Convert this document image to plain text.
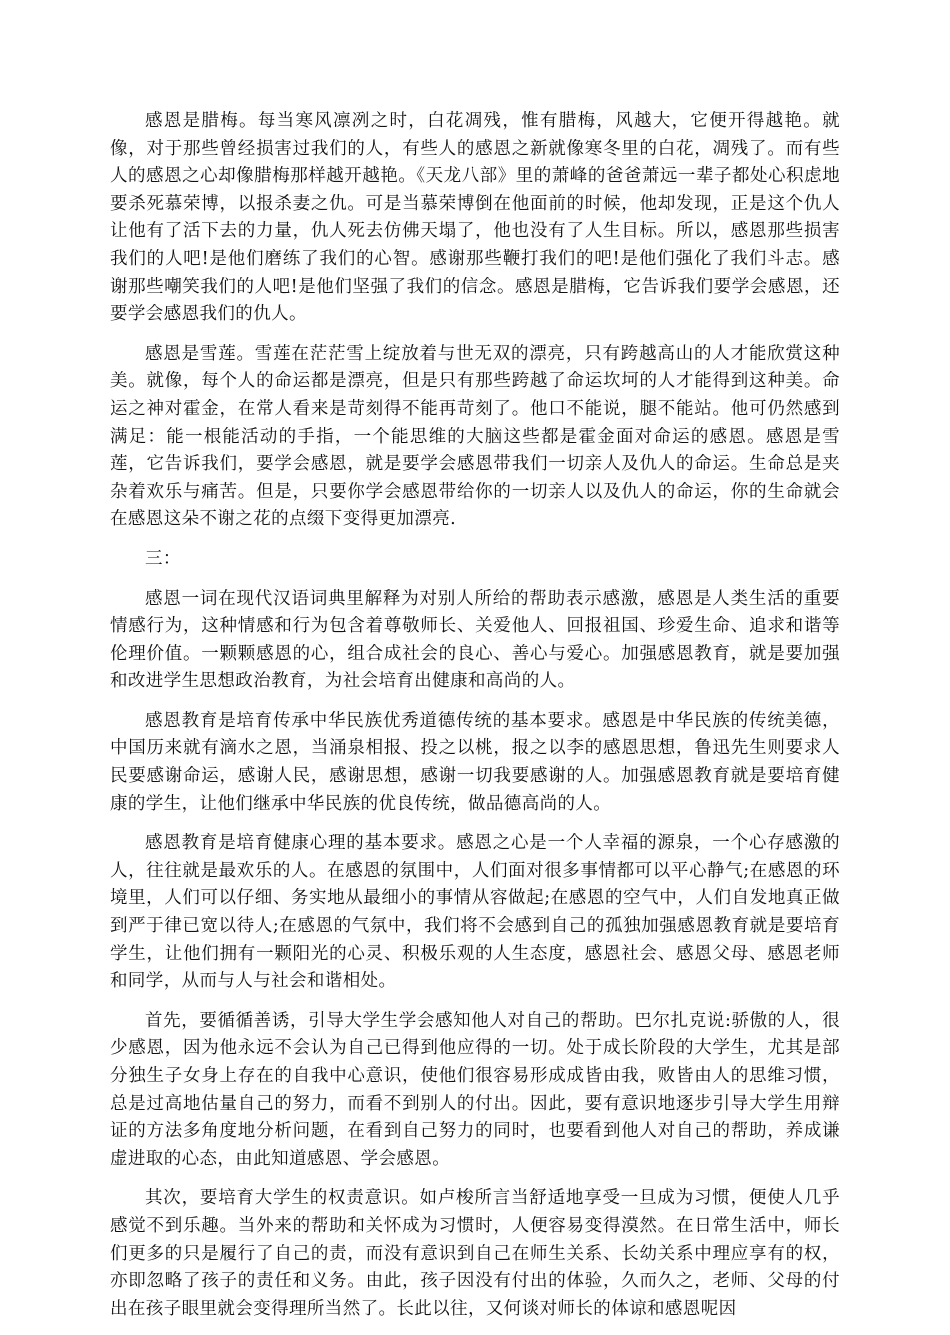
感恩是腊梅。每当寒风凛冽之时，白花凋残，惟有腊梅，风越大，它便开得越艳。就像，对于那些曾经损害过我们的人，有些人的感恩之新就像寒冬里的白花，凋残了。而有些人的感恩之心却像腊梅那样越开越艳。《天龙八部》里的萧峰的爸爸萧远一辈子都处心积虑地要杀死慕荣博，以报杀妻之仇。可是当慕荣博倒在他面前的时候，他却发现，正是这个仇人让他有了活下去的力量，仇人死去仿佛天塌了，他也没有了人生目标。所以，感恩那些损害我们的人吧!是他们磨练了我们的心智。感谢那些鞭打我们的吧!是他们强化了我们斗志。感谢那些嘲笑我们的人吧!是他们坚强了我们的信念。感恩是腊梅，它告诉我们要学会感恩，还要学会感恩我们的仇人。

感恩是雪莲。雪莲在茫茫雪上绽放着与世无双的漂亮，只有跨越高山的人才能欣赏这种美。就像，每个人的命运都是漂亮，但是只有那些跨越了命运坎坷的人才能得到这种美。命运之神对霍金，在常人看来是苛刻得不能再苛刻了。他口不能说，腿不能站。他可仍然感到满足：能一根能活动的手指，一个能思维的大脑这些都是霍金面对命运的感恩。感恩是雪莲，它告诉我们，要学会感恩，就是要学会感恩带我们一切亲人及仇人的命运。生命总是夹杂着欢乐与痛苦。但是，只要你学会感恩带给你的一切亲人以及仇人的命运，你的生命就会在感恩这朵不谢之花的点缀下变得更加漂亮.

三：

感恩一词在现代汉语词典里解释为对别人所给的帮助表示感激，感恩是人类生活的重要情感行为，这种情感和行为包含着尊敬师长、关爱他人、回报祖国、珍爱生命、追求和谐等伦理价值。一颗颗感恩的心，组合成社会的良心、善心与爱心。加强感恩教育，就是要加强和改进学生思想政治教育，为社会培育出健康和高尚的人。

感恩教育是培育传承中华民族优秀道德传统的基本要求。感恩是中华民族的传统美德，中国历来就有滴水之恩，当涌泉相报、投之以桃，报之以李的感恩思想，鲁迅先生则要求人民要感谢命运，感谢人民，感谢思想，感谢一切我要感谢的人。加强感恩教育就是要培育健康的学生，让他们继承中华民族的优良传统，做品德高尚的人。

感恩教育是培育健康心理的基本要求。感恩之心是一个人幸福的源泉，一个心存感激的人，往往就是最欢乐的人。在感恩的氛围中，人们面对很多事情都可以平心静气;在感恩的环境里，人们可以仔细、务实地从最细小的事情从容做起;在感恩的空气中，人们自发地真正做到严于律已宽以待人;在感恩的气氛中，我们将不会感到自己的孤独加强感恩教育就是要培育学生，让他们拥有一颗阳光的心灵、积极乐观的人生态度，感恩社会、感恩父母、感恩老师和同学，从而与人与社会和谐相处。

首先，要循循善诱，引导大学生学会感知他人对自己的帮助。巴尔扎克说:骄傲的人，很少感恩，因为他永远不会认为自己已得到他应得的一切。处于成长阶段的大学生，尤其是部分独生子女身上存在的自我中心意识，使他们很容易形成成皆由我，败皆由人的思维习惯，总是过高地估量自己的努力，而看不到别人的付出。因此，要有意识地逐步引导大学生用辩证的方法多角度地分析问题，在看到自己努力的同时，也要看到他人对自己的帮助，养成谦虚进取的心态，由此知道感恩、学会感恩。

其次，要培育大学生的权责意识。如卢梭所言当舒适地享受一旦成为习惯，便使人几乎感觉不到乐趣。当外来的帮助和关怀成为习惯时，人便容易变得漠然。在日常生活中，师长们更多的只是履行了自己的责，而没有意识到自己在师生关系、长幼关系中理应享有的权，亦即忽略了孩子的责任和义务。由此，孩子因没有付出的体验，久而久之，老师、父母的付出在孩子眼里就会变得理所当然了。长此以往，又何谈对师长的体谅和感恩呢因
